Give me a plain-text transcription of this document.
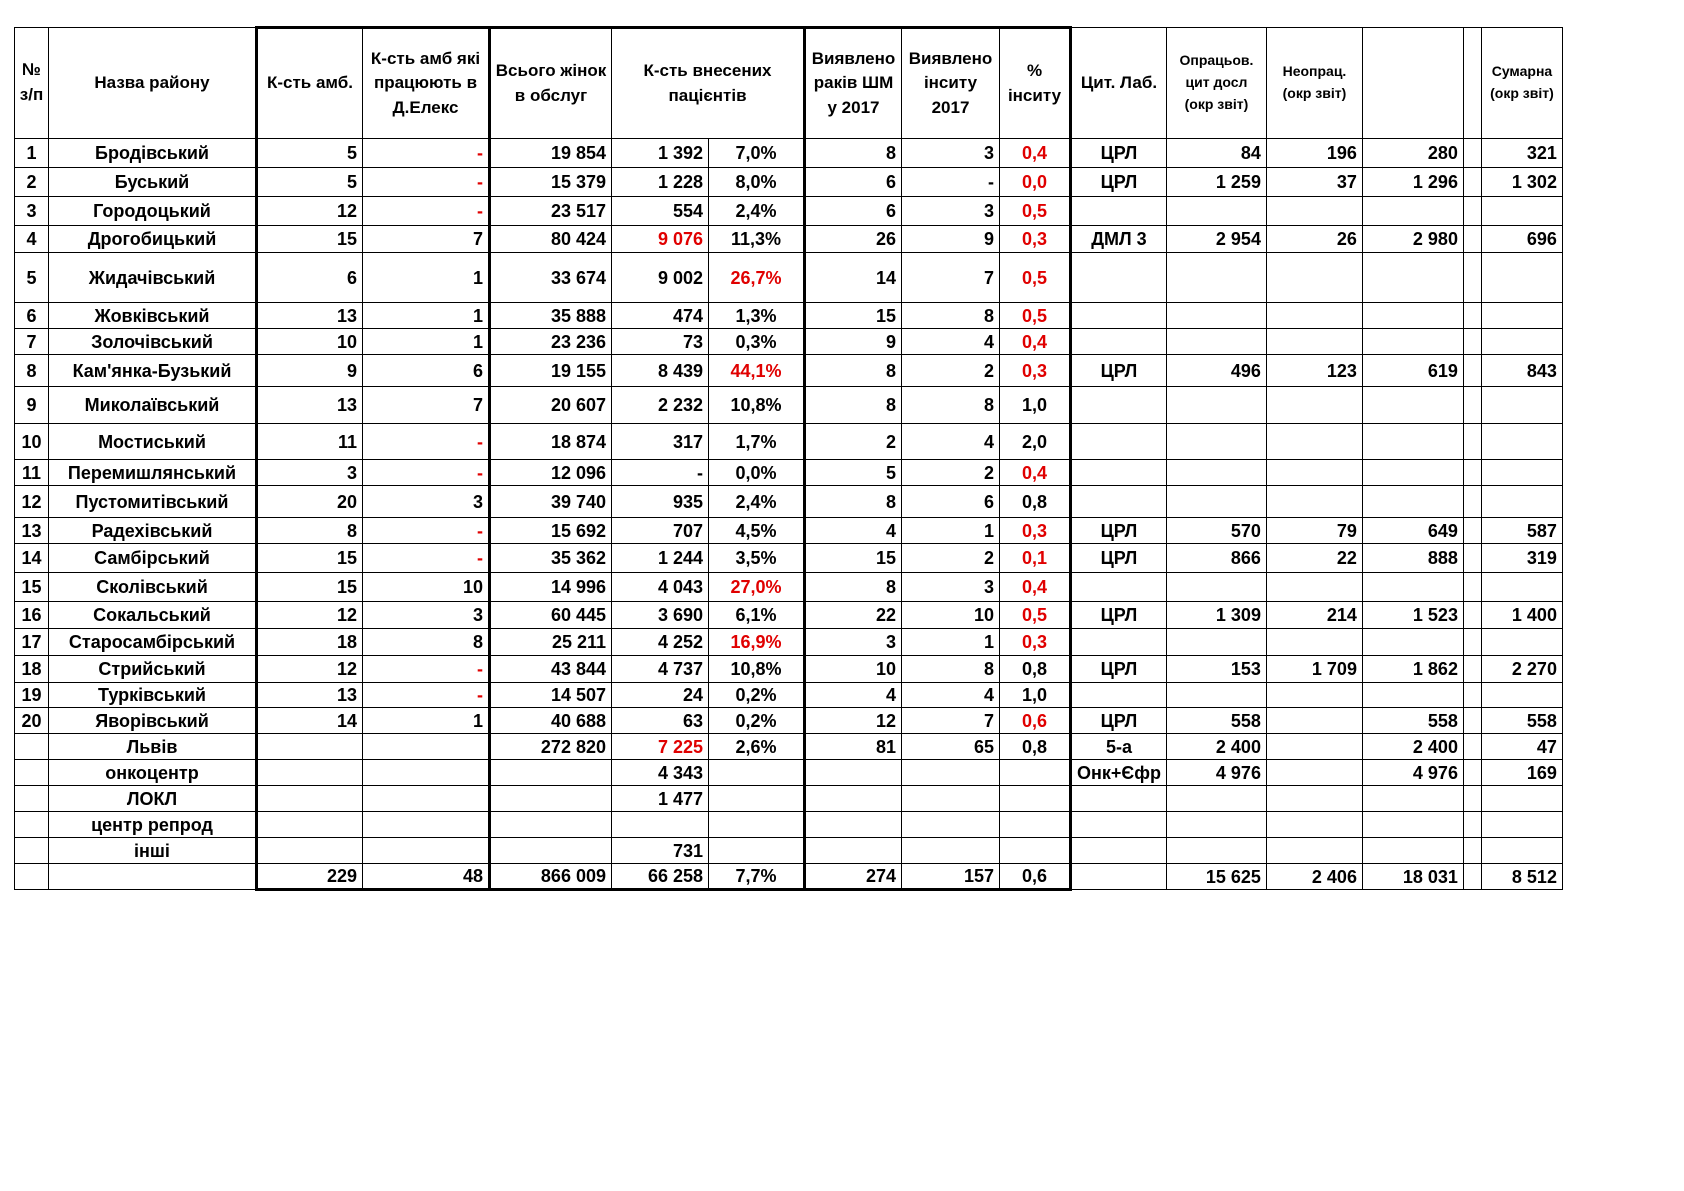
№ з/п	Назва району	К-сть амб.	К-сть амб які працюють в Д.Елекс	Всього жінок в обслуг	К-сть внесених пацієнтів		Виявлено раків ШМ у 2017	Виявлено інситу 2017	% інситу	Цит. Лаб.	Опрацьов. цит досл (окр звіт)	Неопрац. (окр звіт)			Сумарна (окр звіт)
1	Бродівський	5	-	19 854	1 392	7,0%	8	3	0,4	ЦРЛ	84	196	280		321
2	Буський	5	-	15 379	1 228	8,0%	6	-	0,0	ЦРЛ	1 259	37	1 296		1 302
3	Городоцький	12	-	23 517	554	2,4%	6	3	0,5						
4	Дрогобицький	15	7	80 424	9 076	11,3%	26	9	0,3	ДМЛ 3	2 954	26	2 980		696
5	Жидачівський	6	1	33 674	9 002	26,7%	14	7	0,5						
6	Жовківський	13	1	35 888	474	1,3%	15	8	0,5						
7	Золочівський	10	1	23 236	73	0,3%	9	4	0,4						
8	Кам'янка-Бузький	9	6	19 155	8 439	44,1%	8	2	0,3	ЦРЛ	496	123	619		843
9	Миколаївський	13	7	20 607	2 232	10,8%	8	8	1,0						
10	Мостиський	11	-	18 874	317	1,7%	2	4	2,0						
11	Перемишлянський	3	-	12 096	-	0,0%	5	2	0,4						
12	Пустомитівський	20	3	39 740	935	2,4%	8	6	0,8						
13	Радехівський	8	-	15 692	707	4,5%	4	1	0,3	ЦРЛ	570	79	649		587
14	Самбірський	15	-	35 362	1 244	3,5%	15	2	0,1	ЦРЛ	866	22	888		319
15	Сколівський	15	10	14 996	4 043	27,0%	8	3	0,4						
16	Сокальський	12	3	60 445	3 690	6,1%	22	10	0,5	ЦРЛ	1 309	214	1 523		1 400
17	Старосамбірський	18	8	25 211	4 252	16,9%	3	1	0,3						
18	Стрийський	12	-	43 844	4 737	10,8%	10	8	0,8	ЦРЛ	153	1 709	1 862		2 270
19	Турківський	13	-	14 507	24	0,2%	4	4	1,0						
20	Яворівський	14	1	40 688	63	0,2%	12	7	0,6	ЦРЛ	558		558		558
	Львів			272 820	7 225	2,6%	81	65	0,8	5-а	2 400		2 400		47
	онкоцентр				4 343					Онк+Єфр	4 976		4 976		169
	ЛОКЛ				1 477										
	центр репрод														
	інші				731										
		229	48	866 009	66 258	7,7%	274	157	0,6		15 625	2 406	18 031		8 512
